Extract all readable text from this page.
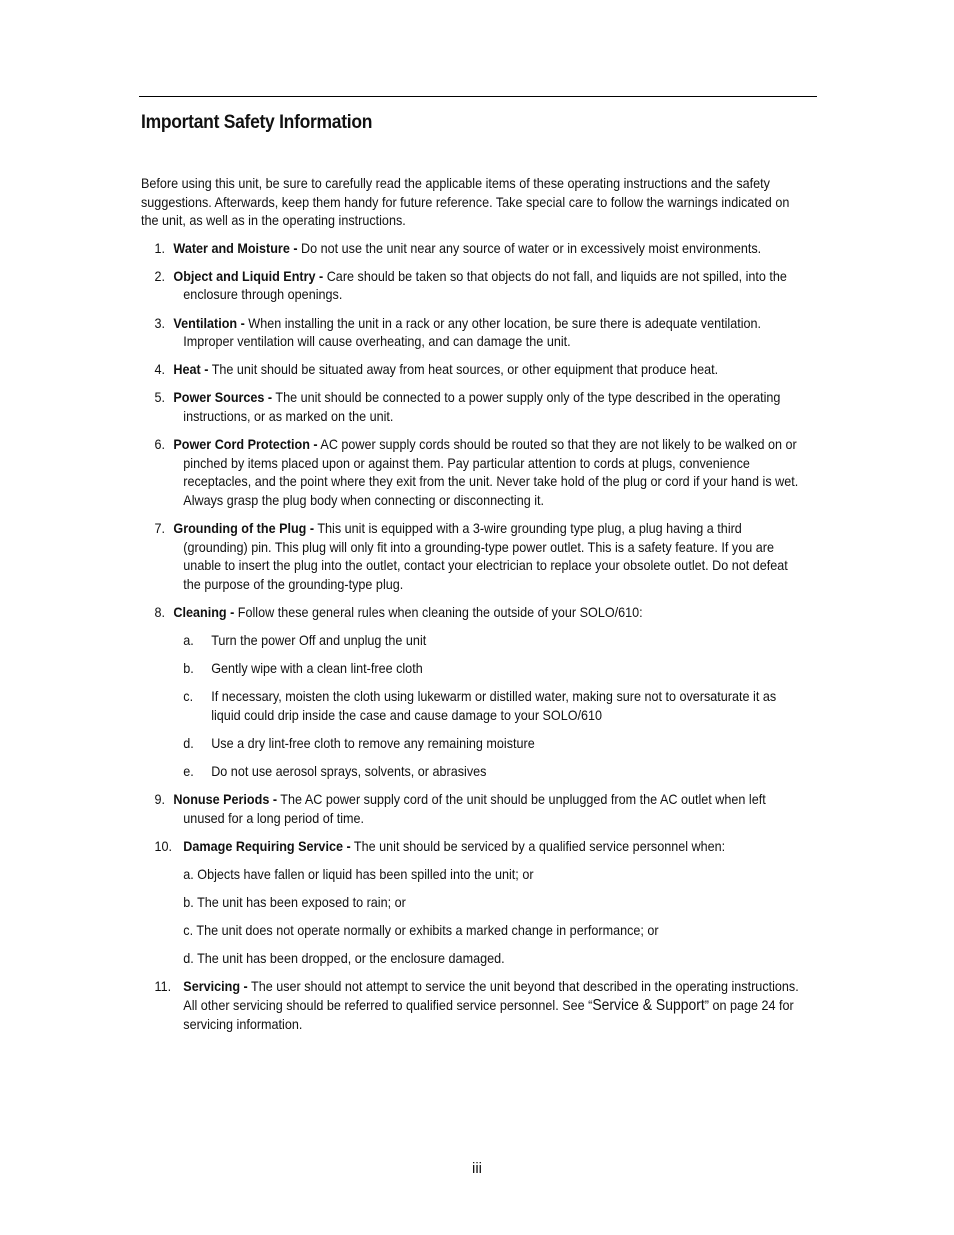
Important Safety Information

Before using this unit, be sure to carefully read the applicable items of these operating instructions and the safety suggestions. Afterwards, keep them handy for future reference. Take special care to follow the warnings indicated on the unit, as well as in the operating instructions.

1. Water and Moisture - Do not use the unit near any source of water or in excessively moist environments.
2. Object and Liquid Entry - Care should be taken so that objects do not fall, and liquids are not spilled, into the enclosure through openings.
3. Ventilation - When installing the unit in a rack or any other location, be sure there is adequate ventilation. Improper ventilation will cause overheating, and can damage the unit.
4. Heat - The unit should be situated away from heat sources, or other equipment that produce heat.
5. Power Sources - The unit should be connected to a power supply only of the type described in the operating instructions, or as marked on the unit.
6. Power Cord Protection - AC power supply cords should be routed so that they are not likely to be walked on or pinched by items placed upon or against them. Pay particular attention to cords at plugs, convenience receptacles, and the point where they exit from the unit. Never take hold of the plug or cord if your hand is wet. Always grasp the plug body when connecting or disconnecting it.
7. Grounding of the Plug - This unit is equipped with a 3-wire grounding type plug, a plug having a third (grounding) pin. This plug will only fit into a grounding-type power outlet. This is a safety feature. If you are unable to insert the plug into the outlet, contact your electrician to replace your obsolete outlet. Do not defeat the purpose of the grounding-type plug.
8. Cleaning - Follow these general rules when cleaning the outside of your SOLO/610:
a. Turn the power Off and unplug the unit
b. Gently wipe with a clean lint-free cloth
c. If necessary, moisten the cloth using lukewarm or distilled water, making sure not to oversaturate it as liquid could drip inside the case and cause damage to your SOLO/610
d. Use a dry lint-free cloth to remove any remaining moisture
e. Do not use aerosol sprays, solvents, or abrasives
9. Nonuse Periods - The AC power supply cord of the unit should be unplugged from the AC outlet when left unused for a long period of time.
10. Damage Requiring Service - The unit should be serviced by a qualified service personnel when:
a. Objects have fallen or liquid has been spilled into the unit; or
b. The unit has been exposed to rain; or
c. The unit does not operate normally or exhibits a marked change in performance; or
d. The unit has been dropped, or the enclosure damaged.
11. Servicing - The user should not attempt to service the unit beyond that described in the operating instructions. All other servicing should be referred to qualified service personnel. See “Service & Support” on page 24 for servicing information.
iii
